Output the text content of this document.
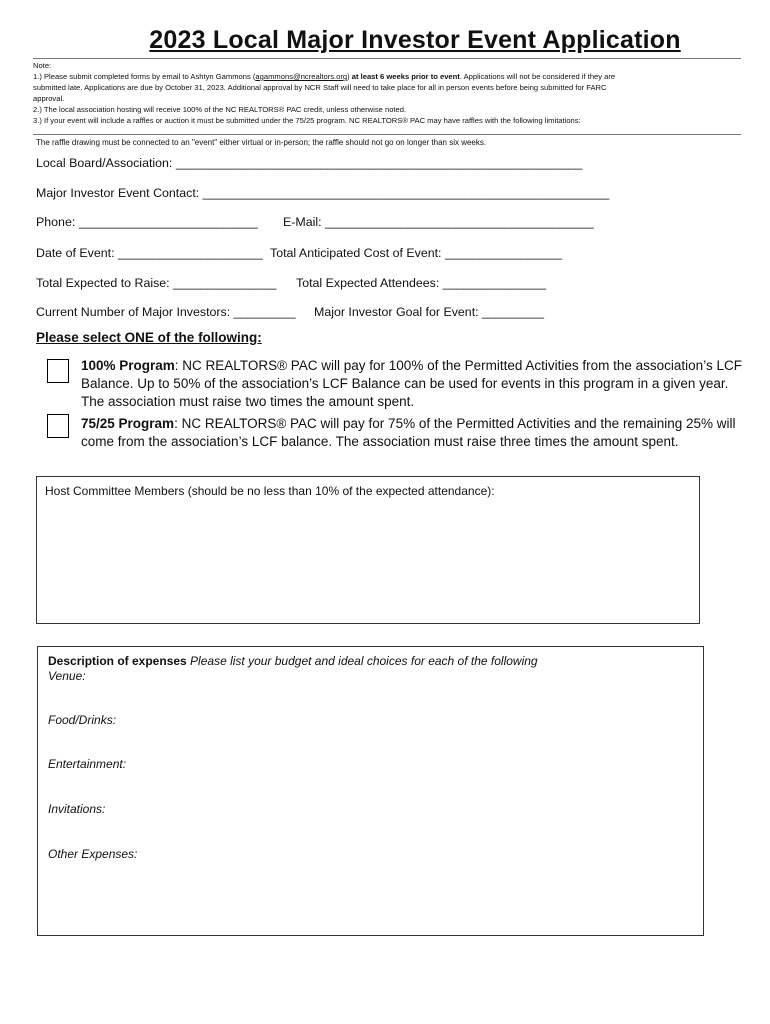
2023 Local Major Investor Event Application
Note:
1.) Please submit completed forms by email to Ashtyn Gammons (agammons@ncrealtors.org) at least 6 weeks prior to event. Applications will not be considered if they are
submitted late. Applications are due by October 31, 2023. Additional approval by NCR Staff will need to take place for all in person events before being submitted for FARC
approval.
2.) The local association hosting will receive 100% of the NC REALTORS® PAC credit, unless otherwise noted.
3.) If your event will include a raffles or auction it must be submitted under the 75/25 program. NC REALTORS® PAC may have raffles with the following limitations:
The raffle drawing must be connected to an "event" either virtual or in-person; the raffle should not go on longer than six weeks.
Local Board/Association: ___________________________________________________________
Major Investor Event Contact: ___________________________________________________________
Phone: __________________________ E-Mail: _______________________________________
Date of Event: _____________________ Total Anticipated Cost of Event: _________________
Total Expected to Raise: _______________ Total Expected Attendees: _______________
Current Number of Major Investors: _________ Major Investor Goal for Event: _________
Please select ONE of the following:
100% Program: NC REALTORS® PAC will pay for 100% of the Permitted Activities from the association’s LCF Balance. Up to 50% of the association’s LCF Balance can be used for events in this program in a given year. The association must raise two times the amount spent.
75/25 Program: NC REALTORS® PAC will pay for 75% of the Permitted Activities and the remaining 25% will come from the association’s LCF balance. The association must raise three times the amount spent.
Host Committee Members (should be no less than 10% of the expected attendance):
Description of expenses Please list your budget and ideal choices for each of the following
Venue:
Food/Drinks:
Entertainment:
Invitations:
Other Expenses:
